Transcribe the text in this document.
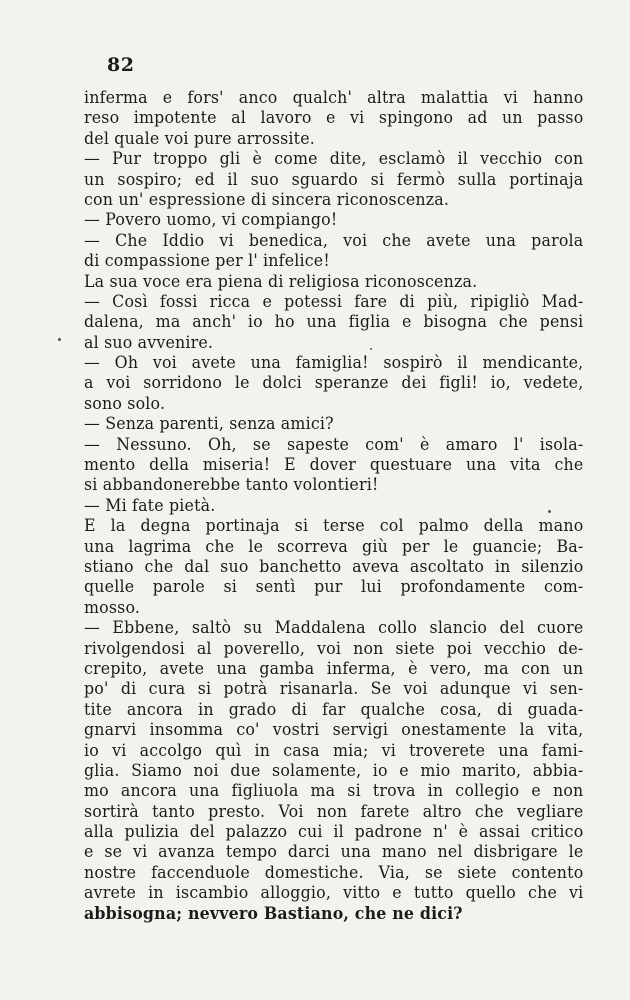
82
inferma e fors' anco qualch' altra malattia vi hanno
reso impotente al lavoro e vi spingono ad un passo
del quale voi pure arrossite.
— Pur troppo gli è come dite, esclamò il vecchio con
un sospiro; ed il suo sguardo si fermò sulla portinaja
con un' espressione di sincera riconoscenza.
— Povero uomo, vi compiango!
— Che Iddio vi benedica, voi che avete una parola
di compassione per l' infelice!
La sua voce era piena di religiosa riconoscenza.
— Così fossi ricca e potessi fare di più, ripigliò Mad-
dalena, ma anch' io ho una figlia e bisogna che pensi
al suo avvenire.
— Oh voi avete una famiglia! sospirò il mendicante,
a voi sorridono le dolci speranze dei figli! io, vedete,
sono solo.
— Senza parenti, senza amici?
— Nessuno. Oh, se sapeste com' è amaro l' isola-
mento della miseria! E dover questuare una vita che
si abbandonerebbe tanto volontieri!
— Mi fate pietà.
E la degna portinaja si terse col palmo della mano
una lagrima che le scorreva giù per le guancie; Ba-
stiano che dal suo banchetto aveva ascoltato in silenzio
quelle parole si sentì pur lui profondamente com-
mosso.
— Ebbene, saltò su Maddalena collo slancio del cuore
rivolgendosi al poverello, voi non siete poi vecchio de-
crepito, avete una gamba inferma, è vero, ma con un
po' di cura si potrà risanarla. Se voi adunque vi sen-
tite ancora in grado di far qualche cosa, di guada-
gnarvi insomma co' vostri servigi onestamente la vita,
io vi accolgo quì in casa mia; vi troverete una fami-
glia. Siamo noi due solamente, io e mio marito, abbia-
mo ancora una figliuola ma si trova in collegio e non
sortirà tanto presto. Voi non farete altro che vegliare
alla pulizia del palazzo cui il padrone n' è assai critico
e se vi avanza tempo darci una mano nel disbrigare le
nostre faccenduole domestiche. Via, se siete contento
avrete in iscambio alloggio, vitto e tutto quello che vi
abbisogna; nevvero Bastiano, che ne dici?
